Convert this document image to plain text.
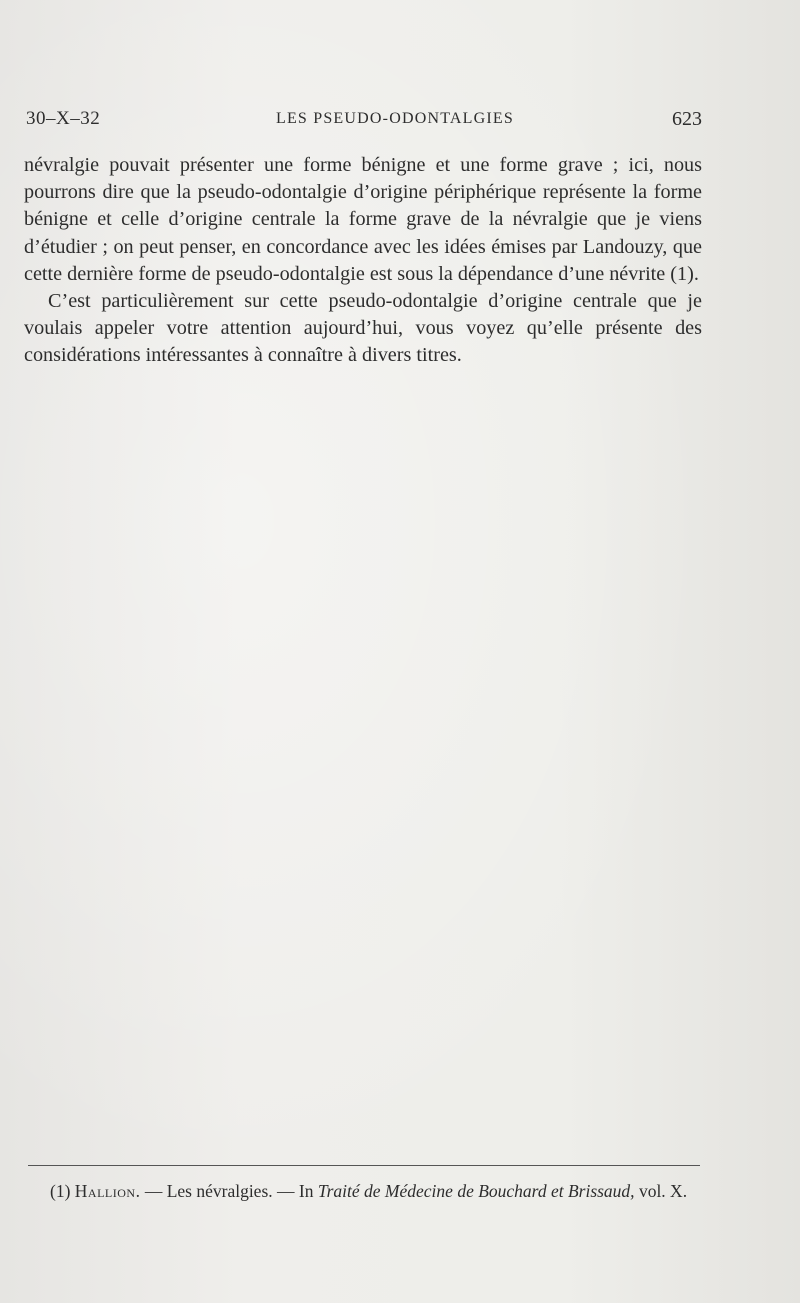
30–X–32	LES PSEUDO-ODONTALGIES	623

névralgie pouvait présenter une forme bénigne et une forme grave ; ici, nous pourrons dire que la pseudo-odontalgie d’origine périphérique représente la forme bénigne et celle d’origine centrale la forme grave de la névralgie que je viens d’étudier ; on peut penser, en concordance avec les idées émises par Landouzy, que cette dernière forme de pseudo-odontalgie est sous la dépendance d’une névrite (1).

C’est particulièrement sur cette pseudo-odontalgie d’origine centrale que je voulais appeler votre attention aujourd’hui, vous voyez qu’elle présente des considérations intéressantes à connaître à divers titres.

(1) Hallion. — Les névralgies. — In Traité de Médecine de Bouchard et Brissaud, vol. X.
